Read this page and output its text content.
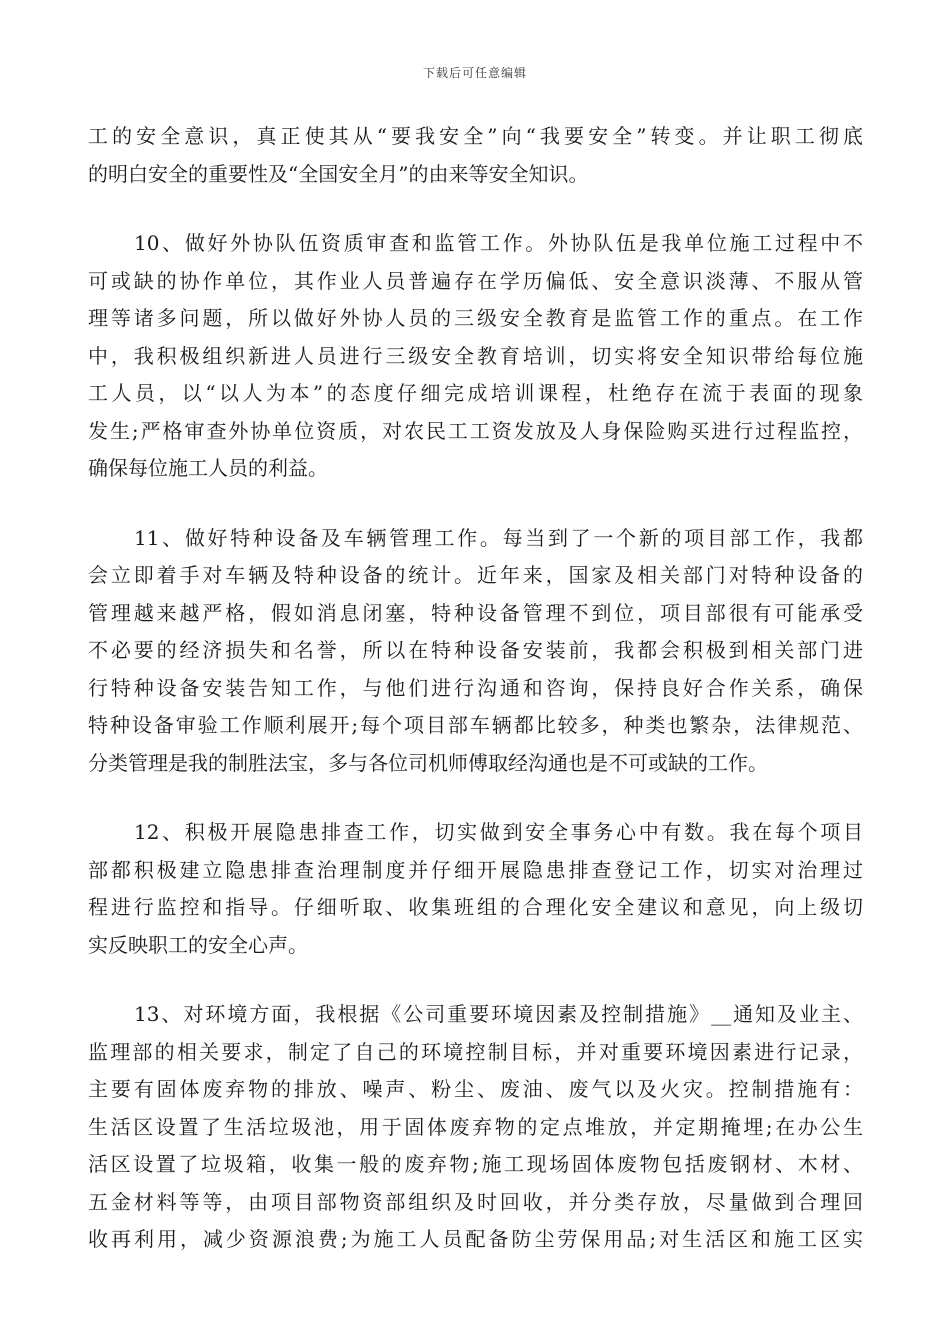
下载后可任意编辑

工的安全意识，真正使其从“要我安全”向“我要安全”转变。并让职工彻底
的明白安全的重要性及“全国安全月”的由来等安全知识。

10、做好外协队伍资质审查和监管工作。外协队伍是我单位施工过程中不
可或缺的协作单位，其作业人员普遍存在学历偏低、安全意识淡薄、不服从管
理等诸多问题，所以做好外协人员的三级安全教育是监管工作的重点。在工作
中，我积极组织新进人员进行三级安全教育培训，切实将安全知识带给每位施
工人员，以“以人为本”的态度仔细完成培训课程，杜绝存在流于表面的现象
发生;严格审查外协单位资质，对农民工工资发放及人身保险购买进行过程监控，
确保每位施工人员的利益。

11、做好特种设备及车辆管理工作。每当到了一个新的项目部工作，我都
会立即着手对车辆及特种设备的统计。近年来，国家及相关部门对特种设备的
管理越来越严格，假如消息闭塞，特种设备管理不到位，项目部很有可能承受
不必要的经济损失和名誉，所以在特种设备安装前，我都会积极到相关部门进
行特种设备安装告知工作，与他们进行沟通和咨询，保持良好合作关系，确保
特种设备审验工作顺利展开;每个项目部车辆都比较多，种类也繁杂，法律规范、
分类管理是我的制胜法宝，多与各位司机师傅取经沟通也是不可或缺的工作。

12、积极开展隐患排查工作，切实做到安全事务心中有数。我在每个项目
部都积极建立隐患排查治理制度并仔细开展隐患排查登记工作，切实对治理过
程进行监控和指导。仔细听取、收集班组的合理化安全建议和意见，向上级切
实反映职工的安全心声。

13、对环境方面，我根据《公司重要环境因素及控制措施》__通知及业主、
监理部的相关要求，制定了自己的环境控制目标，并对重要环境因素进行记录，
主要有固体废弃物的排放、噪声、粉尘、废油、废气以及火灾。控制措施有：
生活区设置了生活垃圾池，用于固体废弃物的定点堆放，并定期掩埋;在办公生
活区设置了垃圾箱，收集一般的废弃物;施工现场固体废物包括废钢材、木材、
五金材料等等，由项目部物资部组织及时回收，并分类存放，尽量做到合理回
收再利用，减少资源浪费;为施工人员配备防尘劳保用品;对生活区和施工区实
